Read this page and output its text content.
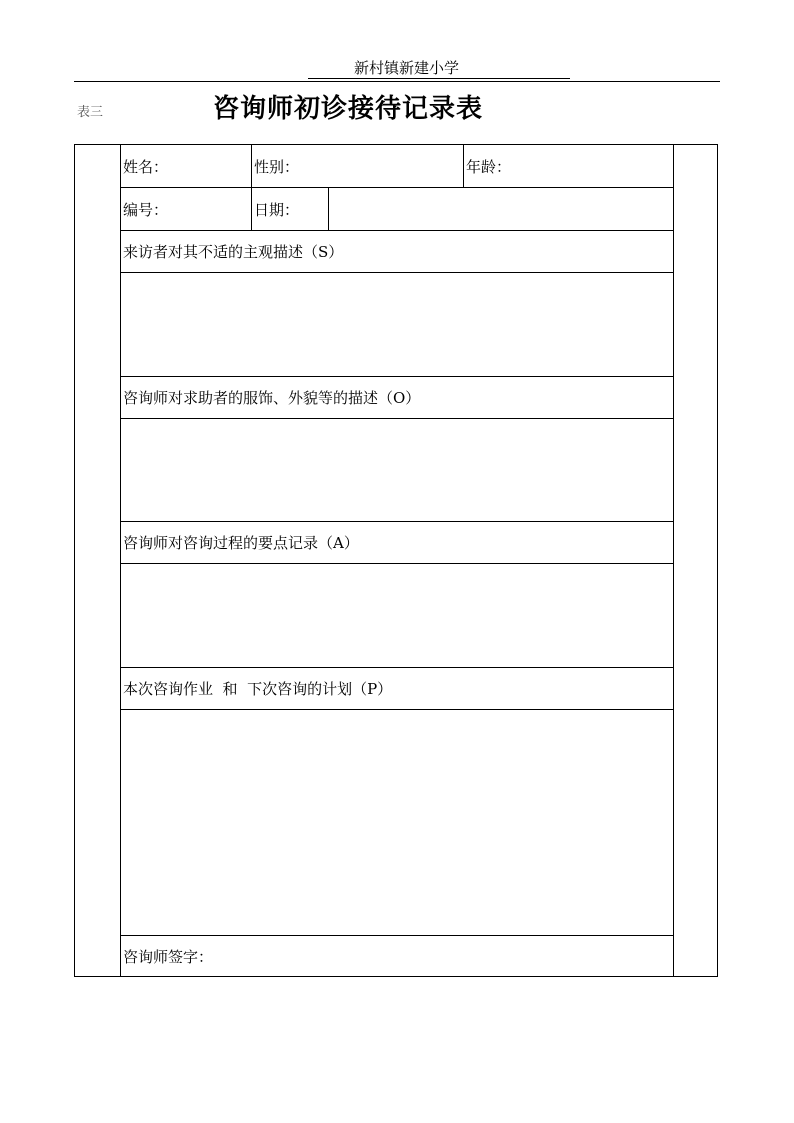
新村镇新建小学
表三	咨询师初诊接待记录表
姓名：	性别：	年龄：
编号：	日期：
来访者对其不适的主观描述（S）
咨询师对求助者的服饰、外貌等的描述（O）
咨询师对咨询过程的要点记录（A）
本次咨询作业  和  下次咨询的计划（P）
咨询师签字：
